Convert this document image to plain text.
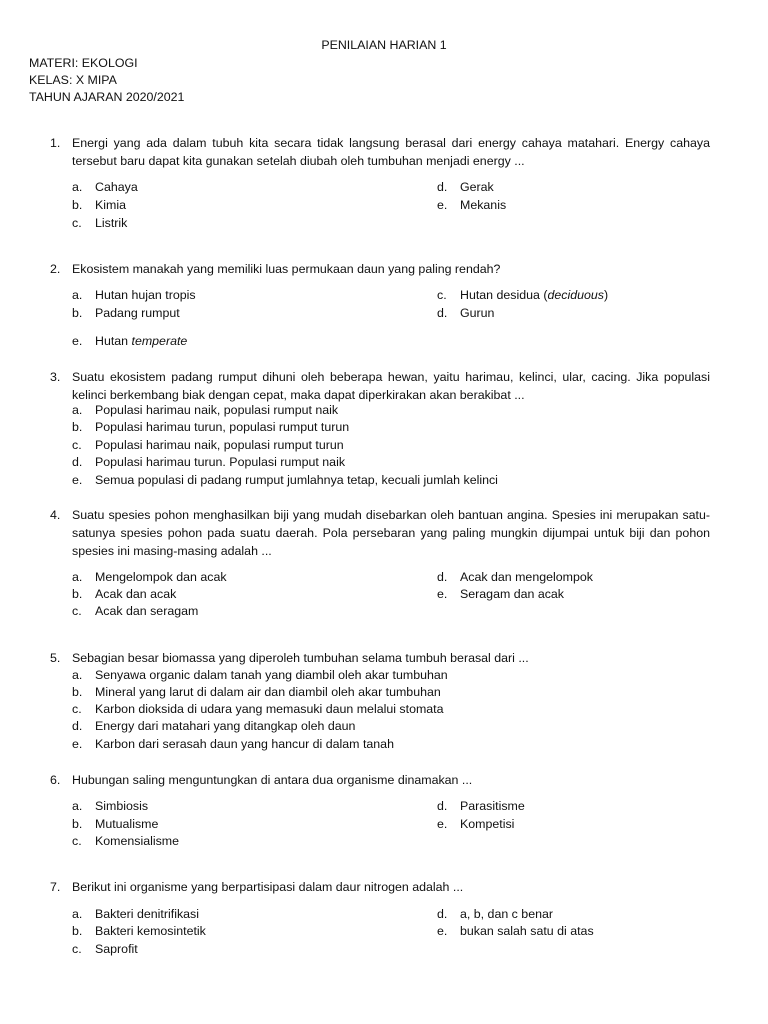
PENILAIAN HARIAN 1
MATERI: EKOLOGI
KELAS: X MIPA
TAHUN AJARAN 2020/2021
1. Energi yang ada dalam tubuh kita secara tidak langsung berasal dari energy cahaya matahari. Energy cahaya tersebut baru dapat kita gunakan setelah diubah oleh tumbuhan menjadi energy ...
a. Cahaya
b. Kimia
c. Listrik
d. Gerak
e. Mekanis
2. Ekosistem manakah yang memiliki luas permukaan daun yang paling rendah?
a. Hutan hujan tropis
b. Padang rumput
c. Hutan desidua (deciduous)
d. Gurun
e. Hutan temperate
3. Suatu ekosistem padang rumput dihuni oleh beberapa hewan, yaitu harimau, kelinci, ular, cacing. Jika populasi kelinci berkembang biak dengan cepat, maka dapat diperkirakan akan berakibat ...
a. Populasi harimau naik, populasi rumput naik
b. Populasi harimau turun, populasi rumput turun
c. Populasi harimau naik, populasi rumput turun
d. Populasi harimau turun. Populasi rumput naik
e. Semua populasi di padang rumput jumlahnya tetap, kecuali jumlah kelinci
4. Suatu spesies pohon menghasilkan biji yang mudah disebarkan oleh bantuan angina. Spesies ini merupakan satu-satunya spesies pohon pada suatu daerah. Pola persebaran yang paling mungkin dijumpai untuk biji dan pohon spesies ini masing-masing adalah ...
a. Mengelompok dan acak
b. Acak dan acak
c. Acak dan seragam
d. Acak dan mengelompok
e. Seragam dan acak
5. Sebagian besar biomassa yang diperoleh tumbuhan selama tumbuh berasal dari ...
a. Senyawa organic dalam tanah yang diambil oleh akar tumbuhan
b. Mineral yang larut di dalam air dan diambil oleh akar tumbuhan
c. Karbon dioksida di udara yang memasuki daun melalui stomata
d. Energy dari matahari yang ditangkap oleh daun
e. Karbon dari serasah daun yang hancur di dalam tanah
6. Hubungan saling menguntungkan di antara dua organisme dinamakan ...
a. Simbiosis
b. Mutualisme
c. Komensialisme
d. Parasitisme
e. Kompetisi
7. Berikut ini organisme yang berpartisipasi dalam daur nitrogen adalah ...
a. Bakteri denitrifikasi
b. Bakteri kemosintetik
c. Saprofit
d. a, b, dan c benar
e. bukan salah satu di atas
